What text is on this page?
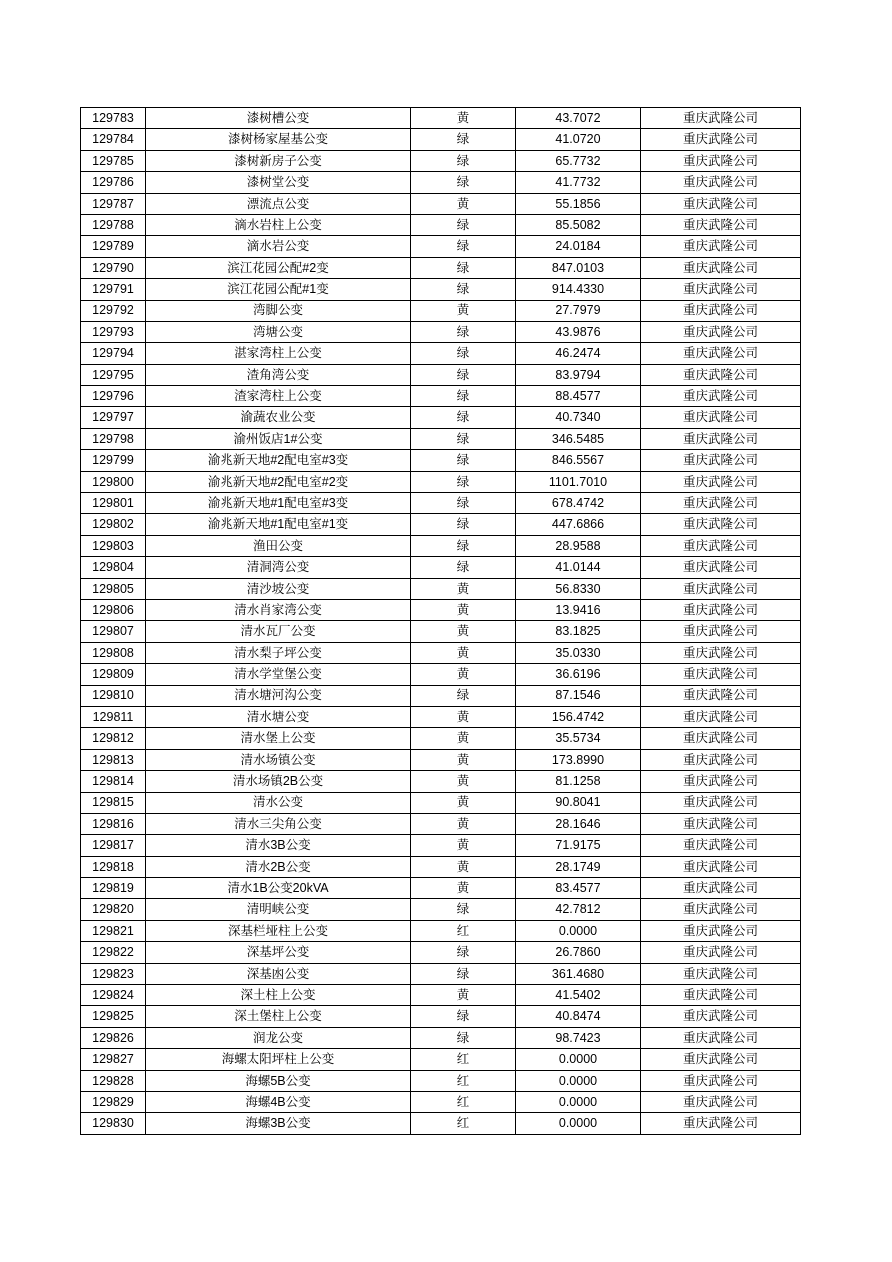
129783	漆树槽公变	黄	43.7072	重庆武隆公司
129784	漆树杨家屋基公变	绿	41.0720	重庆武隆公司
129785	漆树新房子公变	绿	65.7732	重庆武隆公司
129786	漆树堂公变	绿	41.7732	重庆武隆公司
129787	漂流点公变	黄	55.1856	重庆武隆公司
129788	滴水岩柱上公变	绿	85.5082	重庆武隆公司
129789	滴水岩公变	绿	24.0184	重庆武隆公司
129790	滨江花园公配#2变	绿	847.0103	重庆武隆公司
129791	滨江花园公配#1变	绿	914.4330	重庆武隆公司
129792	湾脚公变	黄	27.7979	重庆武隆公司
129793	湾塘公变	绿	43.9876	重庆武隆公司
129794	湛家湾柱上公变	绿	46.2474	重庆武隆公司
129795	渣角湾公变	绿	83.9794	重庆武隆公司
129796	渣家湾柱上公变	绿	88.4577	重庆武隆公司
129797	渝蔬农业公变	绿	40.7340	重庆武隆公司
129798	渝州饭店1#公变	绿	346.5485	重庆武隆公司
129799	渝兆新天地#2配电室#3变	绿	846.5567	重庆武隆公司
129800	渝兆新天地#2配电室#2变	绿	1101.7010	重庆武隆公司
129801	渝兆新天地#1配电室#3变	绿	678.4742	重庆武隆公司
129802	渝兆新天地#1配电室#1变	绿	447.6866	重庆武隆公司
129803	渔田公变	绿	28.9588	重庆武隆公司
129804	清洞湾公变	绿	41.0144	重庆武隆公司
129805	清沙坡公变	黄	56.8330	重庆武隆公司
129806	清水肖家湾公变	黄	13.9416	重庆武隆公司
129807	清水瓦厂公变	黄	83.1825	重庆武隆公司
129808	清水梨子坪公变	黄	35.0330	重庆武隆公司
129809	清水学堂堡公变	黄	36.6196	重庆武隆公司
129810	清水塘河沟公变	绿	87.1546	重庆武隆公司
129811	清水塘公变	黄	156.4742	重庆武隆公司
129812	清水堡上公变	黄	35.5734	重庆武隆公司
129813	清水场镇公变	黄	173.8990	重庆武隆公司
129814	清水场镇2B公变	黄	81.1258	重庆武隆公司
129815	清水公变	黄	90.8041	重庆武隆公司
129816	清水三尖角公变	黄	28.1646	重庆武隆公司
129817	清水3B公变	黄	71.9175	重庆武隆公司
129818	清水2B公变	黄	28.1749	重庆武隆公司
129819	清水1B公变20kVA	黄	83.4577	重庆武隆公司
129820	清明峡公变	绿	42.7812	重庆武隆公司
129821	深基栏垭柱上公变	红	0.0000	重庆武隆公司
129822	深基坪公变	绿	26.7860	重庆武隆公司
129823	深基凼公变	绿	361.4680	重庆武隆公司
129824	深土柱上公变	黄	41.5402	重庆武隆公司
129825	深土堡柱上公变	绿	40.8474	重庆武隆公司
129826	润龙公变	绿	98.7423	重庆武隆公司
129827	海螺太阳坪柱上公变	红	0.0000	重庆武隆公司
129828	海螺5B公变	红	0.0000	重庆武隆公司
129829	海螺4B公变	红	0.0000	重庆武隆公司
129830	海螺3B公变	红	0.0000	重庆武隆公司
